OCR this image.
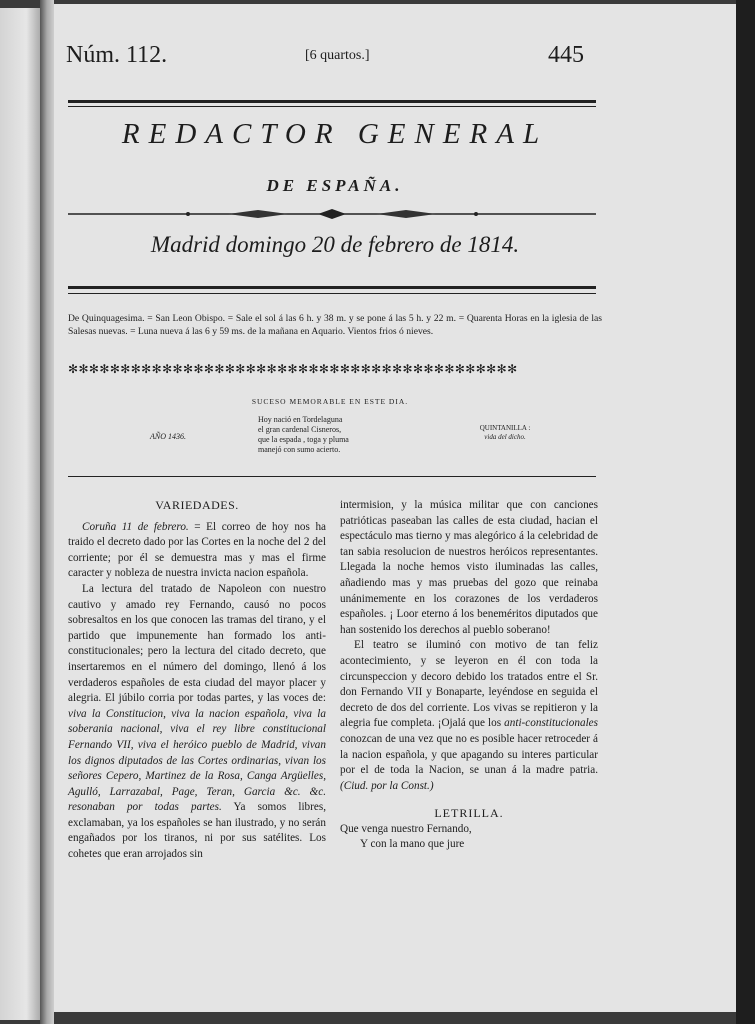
Núm. 112.	[6 quartos.]	445
REDACTOR GENERAL
DE ESPAÑA.
Madrid domingo 20 de febrero de 1814.
De Quinquagesima. = San Leon Obispo. = Sale el sol á las 6 h. y 38 m. y se pone á las 5 h. y 22 m. = Quarenta Horas en la iglesia de las Salesas nuevas. = Luna nueva á las 6 y 59 ms. de la mañana en Aquario. Vientos frios ó nieves.
✻✻✻✻✻✻✻✻✻✻✻✻✻✻✻✻✻✻✻✻✻✻✻✻✻✻✻✻✻✻✻✻✻✻✻✻✻✻✻✻✻✻✻
SUCESO MEMORABLE EN ESTE DIA.
AÑO 1436.
Hoy nació en Tordelaguna
el gran cardenal Cisneros,
que la espada , toga y pluma
manejó con sumo acierto.
QUINTANILLA :
vida del dicho.
VARIEDADES.

Coruña 11 de febrero. = El correo de hoy nos ha traido el decreto dado por las Cortes en la noche del 2 del corriente; por él se demuestra mas y mas el firme caracter y nobleza de nuestra invicta nacion española.

La lectura del tratado de Napoleon con nuestro cautivo y amado rey Fernando, causó no pocos sobresaltos en los que conocen las tramas del tirano, y el partido que impunemente han formado los anti-constitucionales; pero la lectura del citado decreto, que insertaremos en el número del domingo, llenó á los verdaderos españoles de esta ciudad del mayor placer y alegria. El júbilo corria por todas partes, y las voces de: viva la Constitucion, viva la nacion española, viva la soberania nacional, viva el rey libre constitucional Fernando VII, viva el heróico pueblo de Madrid, vivan los dignos diputados de las Cortes ordinarias, vivan los señores Cepero, Martinez de la Rosa, Canga Argüelles, Agulló, Larrazabal, Page, Teran, Garcia &c. &c. resonaban por todas partes. Ya somos libres, exclamaban, ya los españoles se han ilustrado, y no serán engañados por los tiranos, ni por sus satélites. Los cohetes que eran arrojados sin

intermision, y la música militar que con canciones patrióticas paseaban las calles de esta ciudad, hacian el espectáculo mas tierno y mas alegórico á la celebridad de tan sabia resolucion de nuestros heróicos representantes. Llegada la noche hemos visto iluminadas las calles, añadiendo mas y mas pruebas del gozo que reinaba unánimemente en los corazones de los verdaderos españoles. ¡ Loor eterno á los beneméritos diputados que han sostenido los derechos al pueblo soberano!

El teatro se iluminó con motivo de tan feliz acontecimiento, y se leyeron en él con toda la circunspeccion y decoro debido los tratados entre el Sr. don Fernando VII y Bonaparte, leyéndose en seguida el decreto de dos del corriente. Los vivas se repitieron y la alegria fue completa. ¡Ojalá que los anti-constitucionales conozcan de una vez que no es posible hacer retroceder á la nacion española, y que apagando su interes particular por el de toda la Nacion, se unan á la madre patria. (Ciud. por la Const.)

LETRILLA.

Que venga nuestro Fernando,

Y con la mano que jure
